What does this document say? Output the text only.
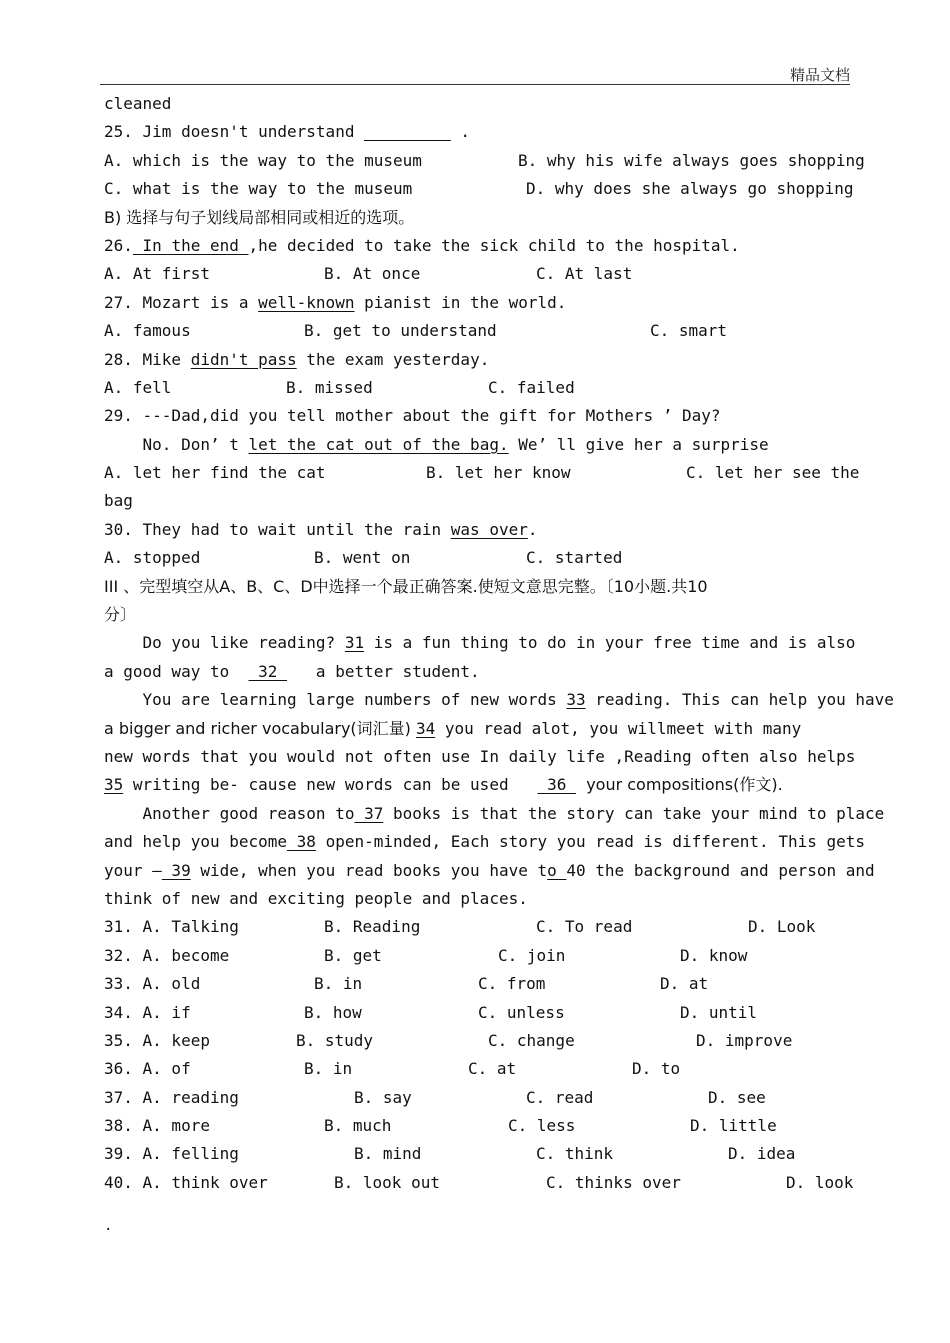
精品文档
cleaned
25. Jim doesn't understand _________ .
A. which is the way to the museum	B. why his wife always goes shopping
C. what is the way to the museum	D. why does she always go shopping
B) 选择与句子划线局部相同或相近的选项。
26. In the end ,he decided to take the sick child to the hospital.
A. At first	B. At once	C. At last
27. Mozart is a well-known pianist in the world.
A. famous	B. get to understand	C. smart
28. Mike didn't pass the exam yesterday.
A. fell	B. missed	C. failed
29. ---Dad,did you tell mother about the gift for Mothers ’ Day?
No. Don’ t let the cat out of the bag. We’ ll give her a surprise
A. let her find the cat	B. let her know	C. let her see the
bag
30. They had to wait until the rain was over.
A. stopped	B. went on	C. started
III 、完型填空从A、B、C、D中选择一个最正确答案.使短文意思完整。〔10小题.共10
分〕
Do you like reading? 31 is a fun thing to do in your free time and is also
a good way to   32    a better student.
You are learning large numbers of new words 33 reading. This can help you have
a bigger and richer vocabulary(词汇量) 34 you read alot, you willmeet with many
new words that you would not often use In daily life ,Reading often also helps
35 writing be- cause new words can be used    36   your compositions(作文).
Another good reason to 37 books is that the story can take your mind to place
and help you become 38 open-minded, Each story you read is different. This gets
your — 39 wide, when you read books you have to 40 the background and person and
think of new and exciting people and places.
31. A. Talking	B. Reading	C. To read	D. Look
32. A. become	B. get	C. join	D. know
33. A. old	B. in	C. from	D. at
34. A. if	B. how	C. unless	D. until
35. A. keep	B. study	C. change	D. improve
36. A. of	B. in	C. at	D. to
37. A. reading	B. say	C. read	D. see
38. A. more	B. much	C. less	D. little
39. A. felling	B. mind	C. think	D. idea
40. A. think over	B. look out	C. thinks over	D. look
.
